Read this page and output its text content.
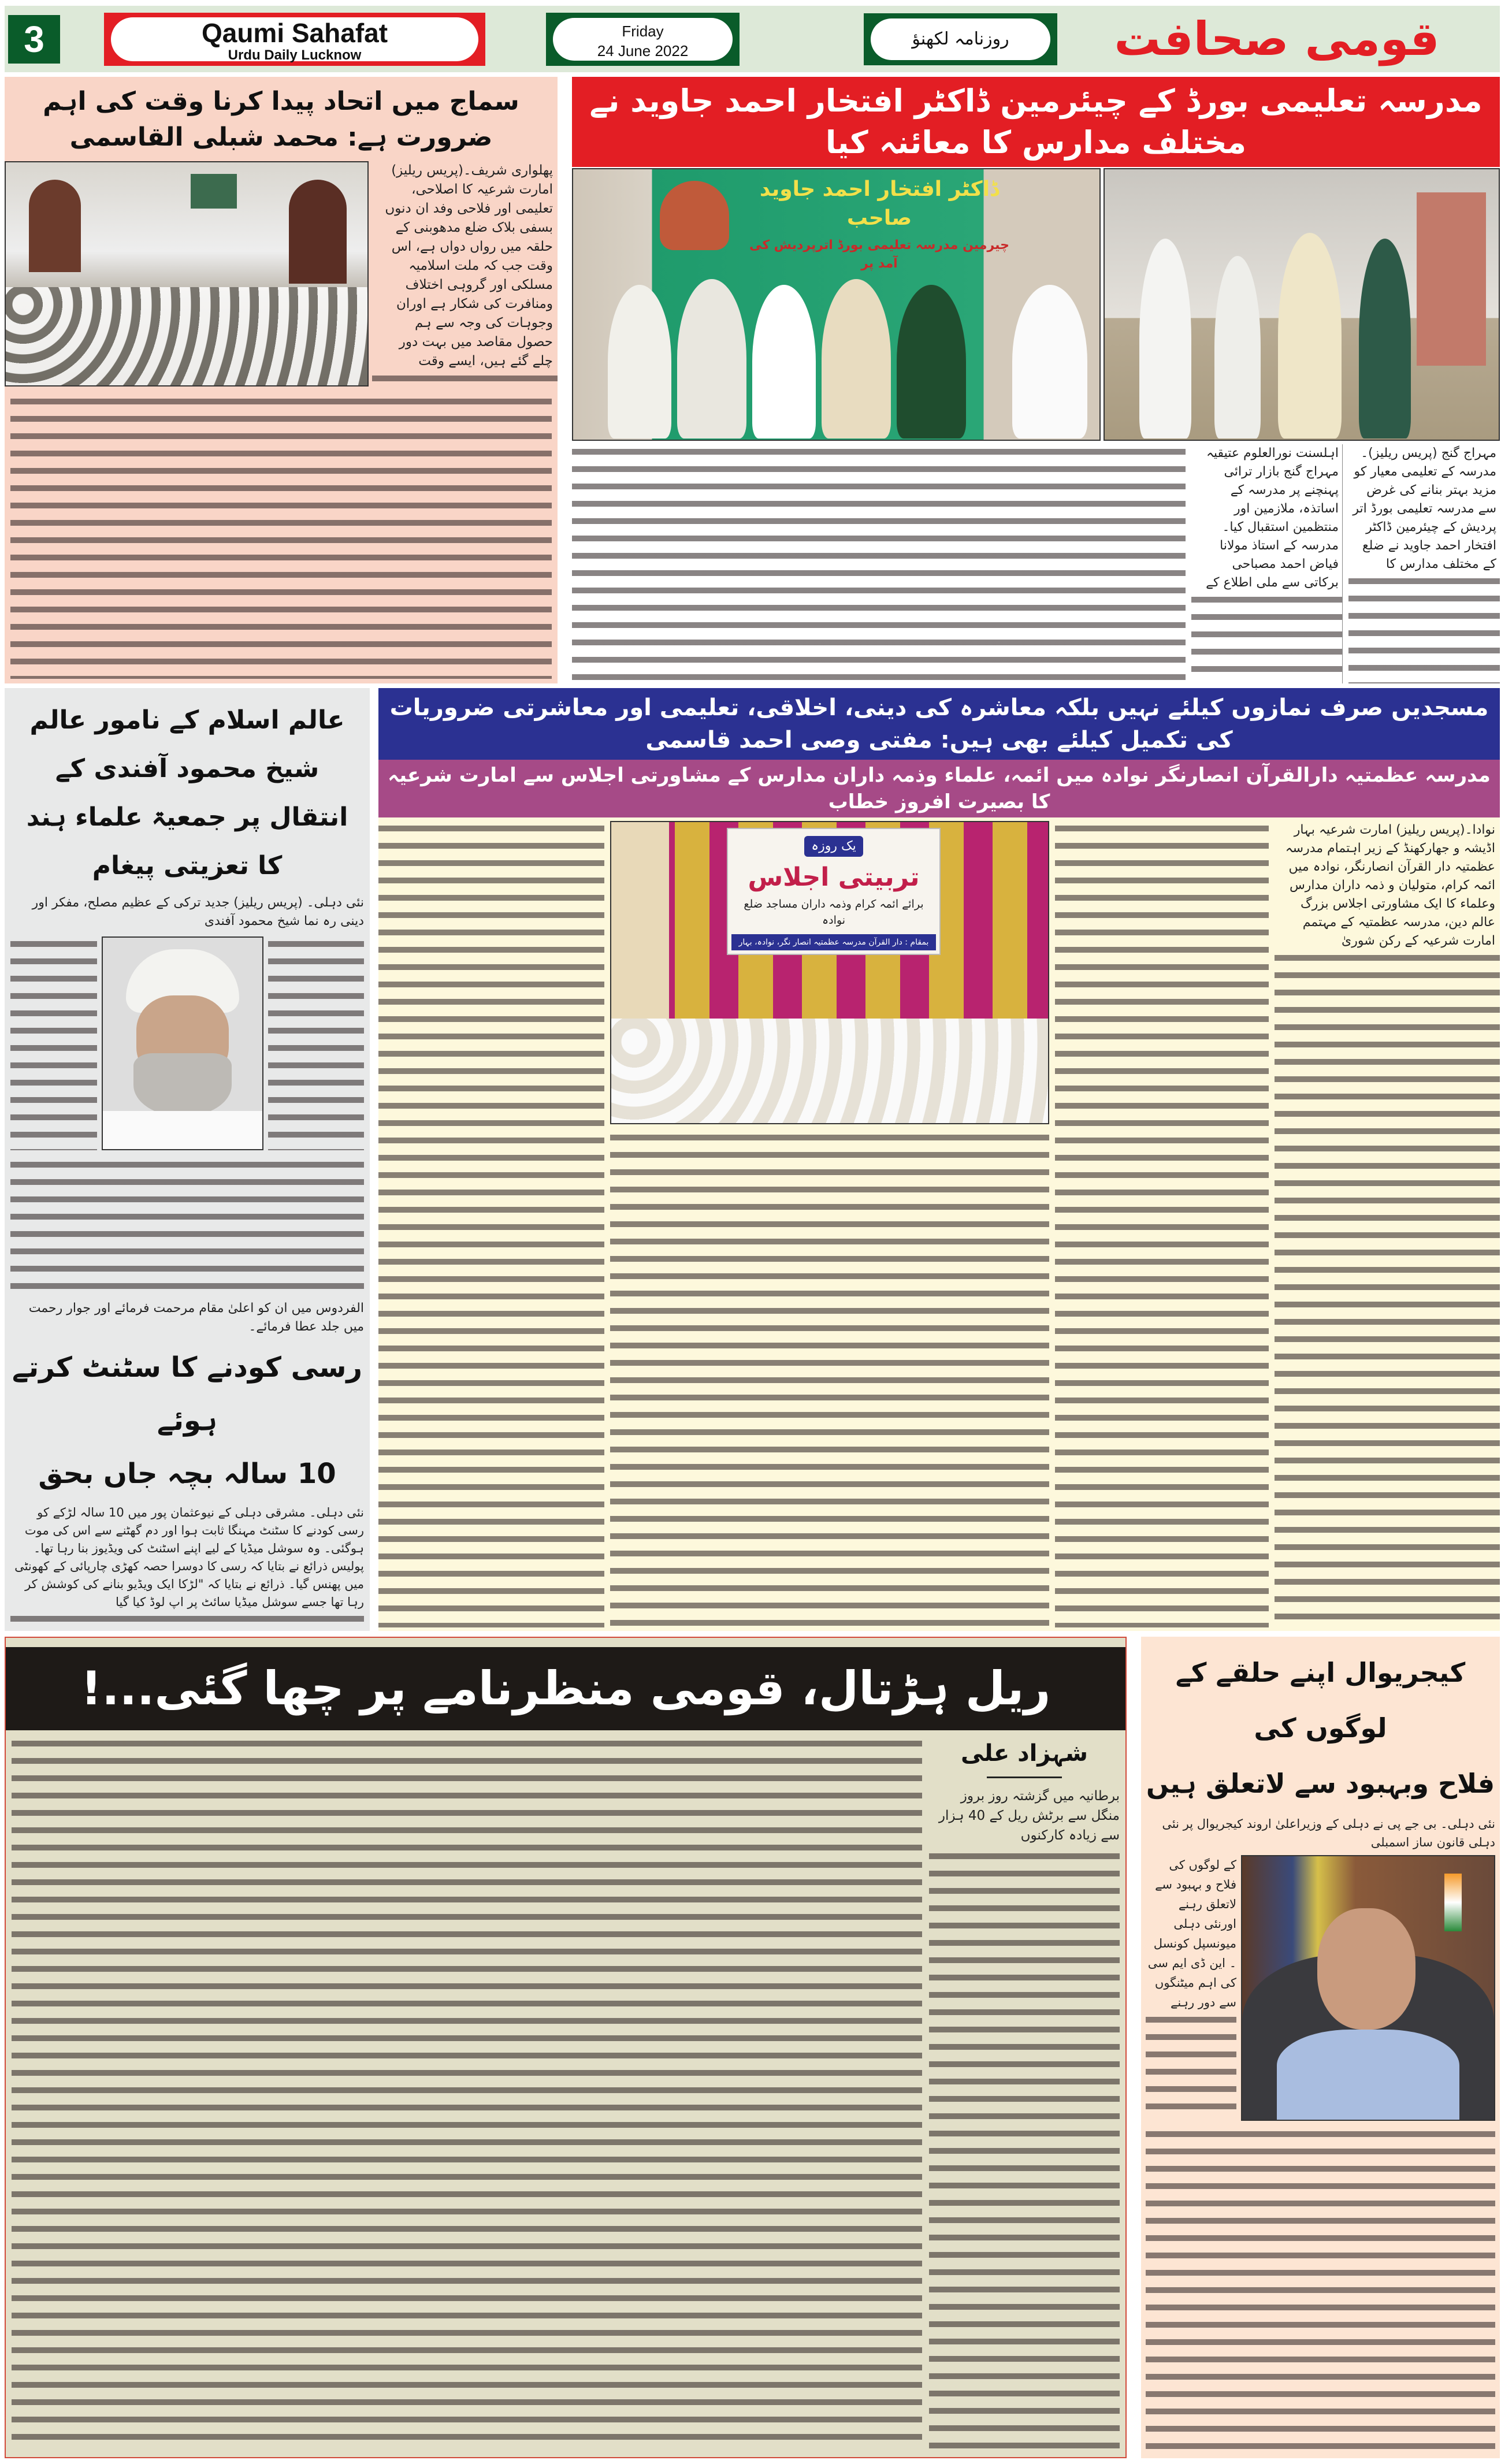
3	Qaumi Sahafat
Urdu Daily Lucknow
Friday
24 June 2022
روزنامہ لکھنؤ	قومی صحافت
سماج میں اتحاد پیدا کرنا وقت کی اہم ضرورت ہے: محمد شبلی القاسمی

پھلواری شریف۔(پریس ریلیز) امارت شرعیہ کا اصلاحی، تعلیمی اور فلاحی وفد ان دنوں بسفی بلاک ضلع مدھوبنی کے حلقہ میں رواں دواں ہے، اس وقت جب کہ ملت اسلامیہ مسلکی اور گروہی اختلاف ومنافرت کی شکار ہے اوران وجوہات کی وجہ سے ہم حصول مقاصد میں بہت دور چلے گئے ہیں، ایسے وقت

مدرسہ تعلیمی بورڈ کے چیئرمین ڈاکٹر افتخار احمد جاوید نے مختلف مدارس کا معائنہ کیا
ڈاکٹر افتخار احمد جاوید صاحب
چیرمین مدرسہ تعلیمی بورڈ اترپردیش کی آمد پر

مہراج گنج (پریس ریلیز)۔ مدرسہ کے تعلیمی معیار کو مزید بہتر بنانے کی غرض سے مدرسہ تعلیمی بورڈ اتر پردیش کے چیئرمین ڈاکٹر افتخار احمد جاوید نے ضلع کے مختلف مدارس کا

اہلسنت نورالعلوم عتیقیہ مہراج گنج بازار ترائی پہنچنے پر مدرسہ کے اساتذہ، ملازمین اور منتظمین استقبال کیا۔ مدرسہ کے استاذ مولانا فیاض احمد مصباحی برکاتی سے ملی اطلاع کے

عالم اسلام کے نامور عالم شیخ محمود آفندی کے
انتقال پر جمعیۃ علماء ہند کا تعزیتی پیغام
نئی دہلی۔ (پریس ریلیز) جدید ترکی کے عظیم مصلح، مفکر اور دینی رہ نما شیخ محمود آفندی
الفردوس میں ان کو اعلیٰ مقام مرحمت فرمائے اور جوار رحمت میں جلد عطا فرمائے۔
رسی کودنے کا سٹنٹ کرتے ہوئے
10 سالہ بچہ جاں بحق
نئی دہلی۔ مشرقی دہلی کے نیوعثمان پور میں 10 سالہ لڑکے کو رسی کودنے کا سٹنٹ مہنگا ثابت ہوا اور دم گھٹنے سے اس کی موت ہوگئی۔ وہ سوشل میڈیا کے لیے اپنے اسٹنٹ کی ویڈیوز بنا رہا تھا۔ پولیس ذرائع نے بتایا کہ رسی کا دوسرا حصہ کھڑی چارپائی کے کھونٹی میں پھنس گیا۔ ذرائع نے بتایا کہ "لڑکا ایک ویڈیو بنانے کی کوشش کر رہا تھا جسے سوشل میڈیا سائٹ پر اپ لوڈ کیا گیا
مسجدیں صرف نمازوں کیلئے نہیں بلکہ معاشرہ کی دینی، اخلاقی، تعلیمی اور معاشرتی ضروریات کی تکمیل کیلئے بھی ہیں: مفتی وصی احمد قاسمی
مدرسہ عظمتیہ دارالقرآن انصارنگر نوادہ میں ائمہ، علماء وذمہ داران مدارس کے مشاورتی اجلاس سے امارت شرعیہ کا بصیرت افروز خطاب

نوادا۔(پریس ریلیز) امارت شرعیہ بہار اڈیشہ و جھارکھنڈ کے زیر اہتمام مدرسہ عظمتیہ دار القرآن انصارنگر، نوادہ میں ائمہ کرام، متولیان و ذمہ داران مدارس وعلماء کا ایک مشاورتی اجلاس بزرگ عالم دین، مدرسہ عظمتیہ کے مہتمم امارت شرعیہ کے رکن شوریٰ

یک روزہ
تربیتی اجلاس
برائے ائمہ کرام وذمہ داران مساجد ضلع نوادہ
بمقام : دار القرآن مدرسہ عظمتیہ انصار نگر، نوادہ، بہار
ریل ہڑتال، قومی منظرنامے پر چھا گئی...!
شہزاد علی
برطانیہ میں گزشتہ روز بروز منگل سے برٹش ریل کے 40 ہزار سے زیادہ کارکنوں
کیجریوال اپنے حلقے کے لوگوں کی
فلاح وبہبود سے لاتعلق ہیں
نئی دہلی۔ بی جے پی نے دہلی کے وزیراعلیٰ اروند کیجریوال پر نئی دہلی قانون ساز اسمبلی
کے لوگوں کی فلاح و بہبود سے لاتعلق رہنے اورنئی دہلی میونسپل کونسل ۔ این ڈی ایم سی کی اہم میٹنگوں سے دور رہنے
